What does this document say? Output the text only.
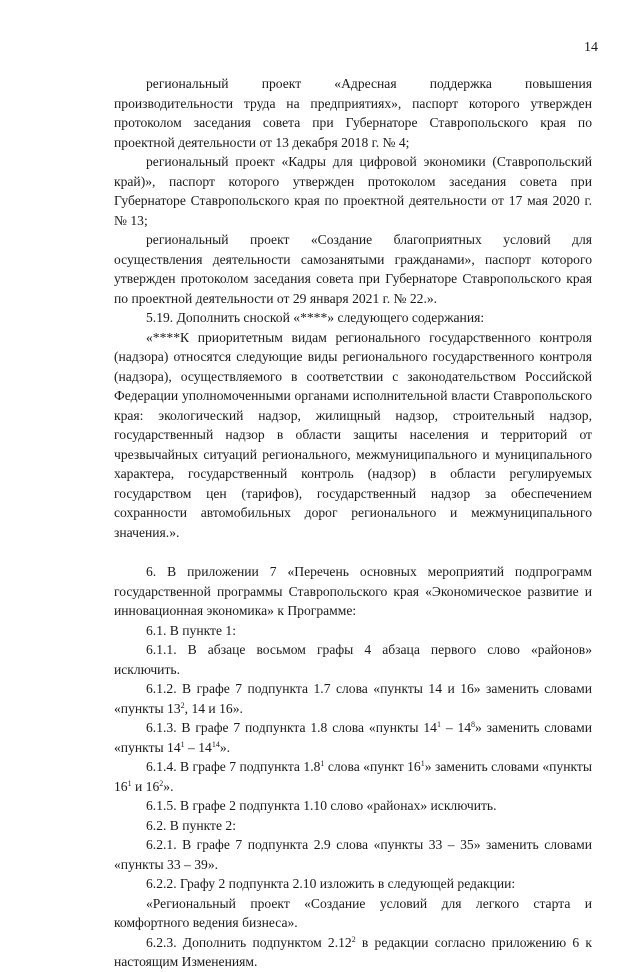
14

региональный проект «Адресная поддержка повышения производительности труда на предприятиях», паспорт которого утвержден протоколом заседания совета при Губернаторе Ставропольского края по проектной деятельности от 13 декабря 2018 г. № 4;

региональный проект «Кадры для цифровой экономики (Ставропольский край)», паспорт которого утвержден протоколом заседания совета при Губернаторе Ставропольского края по проектной деятельности от 17 мая 2020 г. № 13;

региональный проект «Создание благоприятных условий для осуществления деятельности самозанятыми гражданами», паспорт которого утвержден протоколом заседания совета при Губернаторе Ставропольского края по проектной деятельности от 29 января 2021 г. № 22.».

5.19. Дополнить сноской «****» следующего содержания:

«****К приоритетным видам регионального государственного контроля (надзора) относятся следующие виды регионального государственного контроля (надзора), осуществляемого в соответствии с законодательством Российской Федерации уполномоченными органами исполнительной власти Ставропольского края: экологический надзор, жилищный надзор, строительный надзор, государственный надзор в области защиты населения и территорий от чрезвычайных ситуаций регионального, межмуниципального и муниципального характера, государственный контроль (надзор) в области регулируемых государством цен (тарифов), государственный надзор за обеспечением сохранности автомобильных дорог регионального и межмуниципального значения.».

6. В приложении 7 «Перечень основных мероприятий подпрограмм государственной программы Ставропольского края «Экономическое развитие и инновационная экономика» к Программе:

6.1. В пункте 1:

6.1.1. В абзаце восьмом графы 4 абзаца первого слово «районов» исключить.

6.1.2. В графе 7 подпункта 1.7 слова «пункты 14 и 16» заменить словами «пункты $13^2$, 14 и 16».

6.1.3. В графе 7 подпункта 1.8 слова «пункты $14^1 - 14^8$» заменить словами «пункты $14^1 - 14^{14}$».

6.1.4. В графе 7 подпункта $1.8^1$ слова «пункт $16^1$» заменить словами «пункты $16^1$ и $16^2$».

6.1.5. В графе 2 подпункта 1.10 слово «районах» исключить.

6.2. В пункте 2:

6.2.1. В графе 7 подпункта 2.9 слова «пункты 33 – 35» заменить словами «пункты 33 – 39».

6.2.2. Графу 2 подпункта 2.10 изложить в следующей редакции:

«Региональный проект «Создание условий для легкого старта и комфортного ведения бизнеса».

6.2.3. Дополнить подпунктом 2.12$^2$ в редакции согласно приложению 6 к настоящим Изменениям.
